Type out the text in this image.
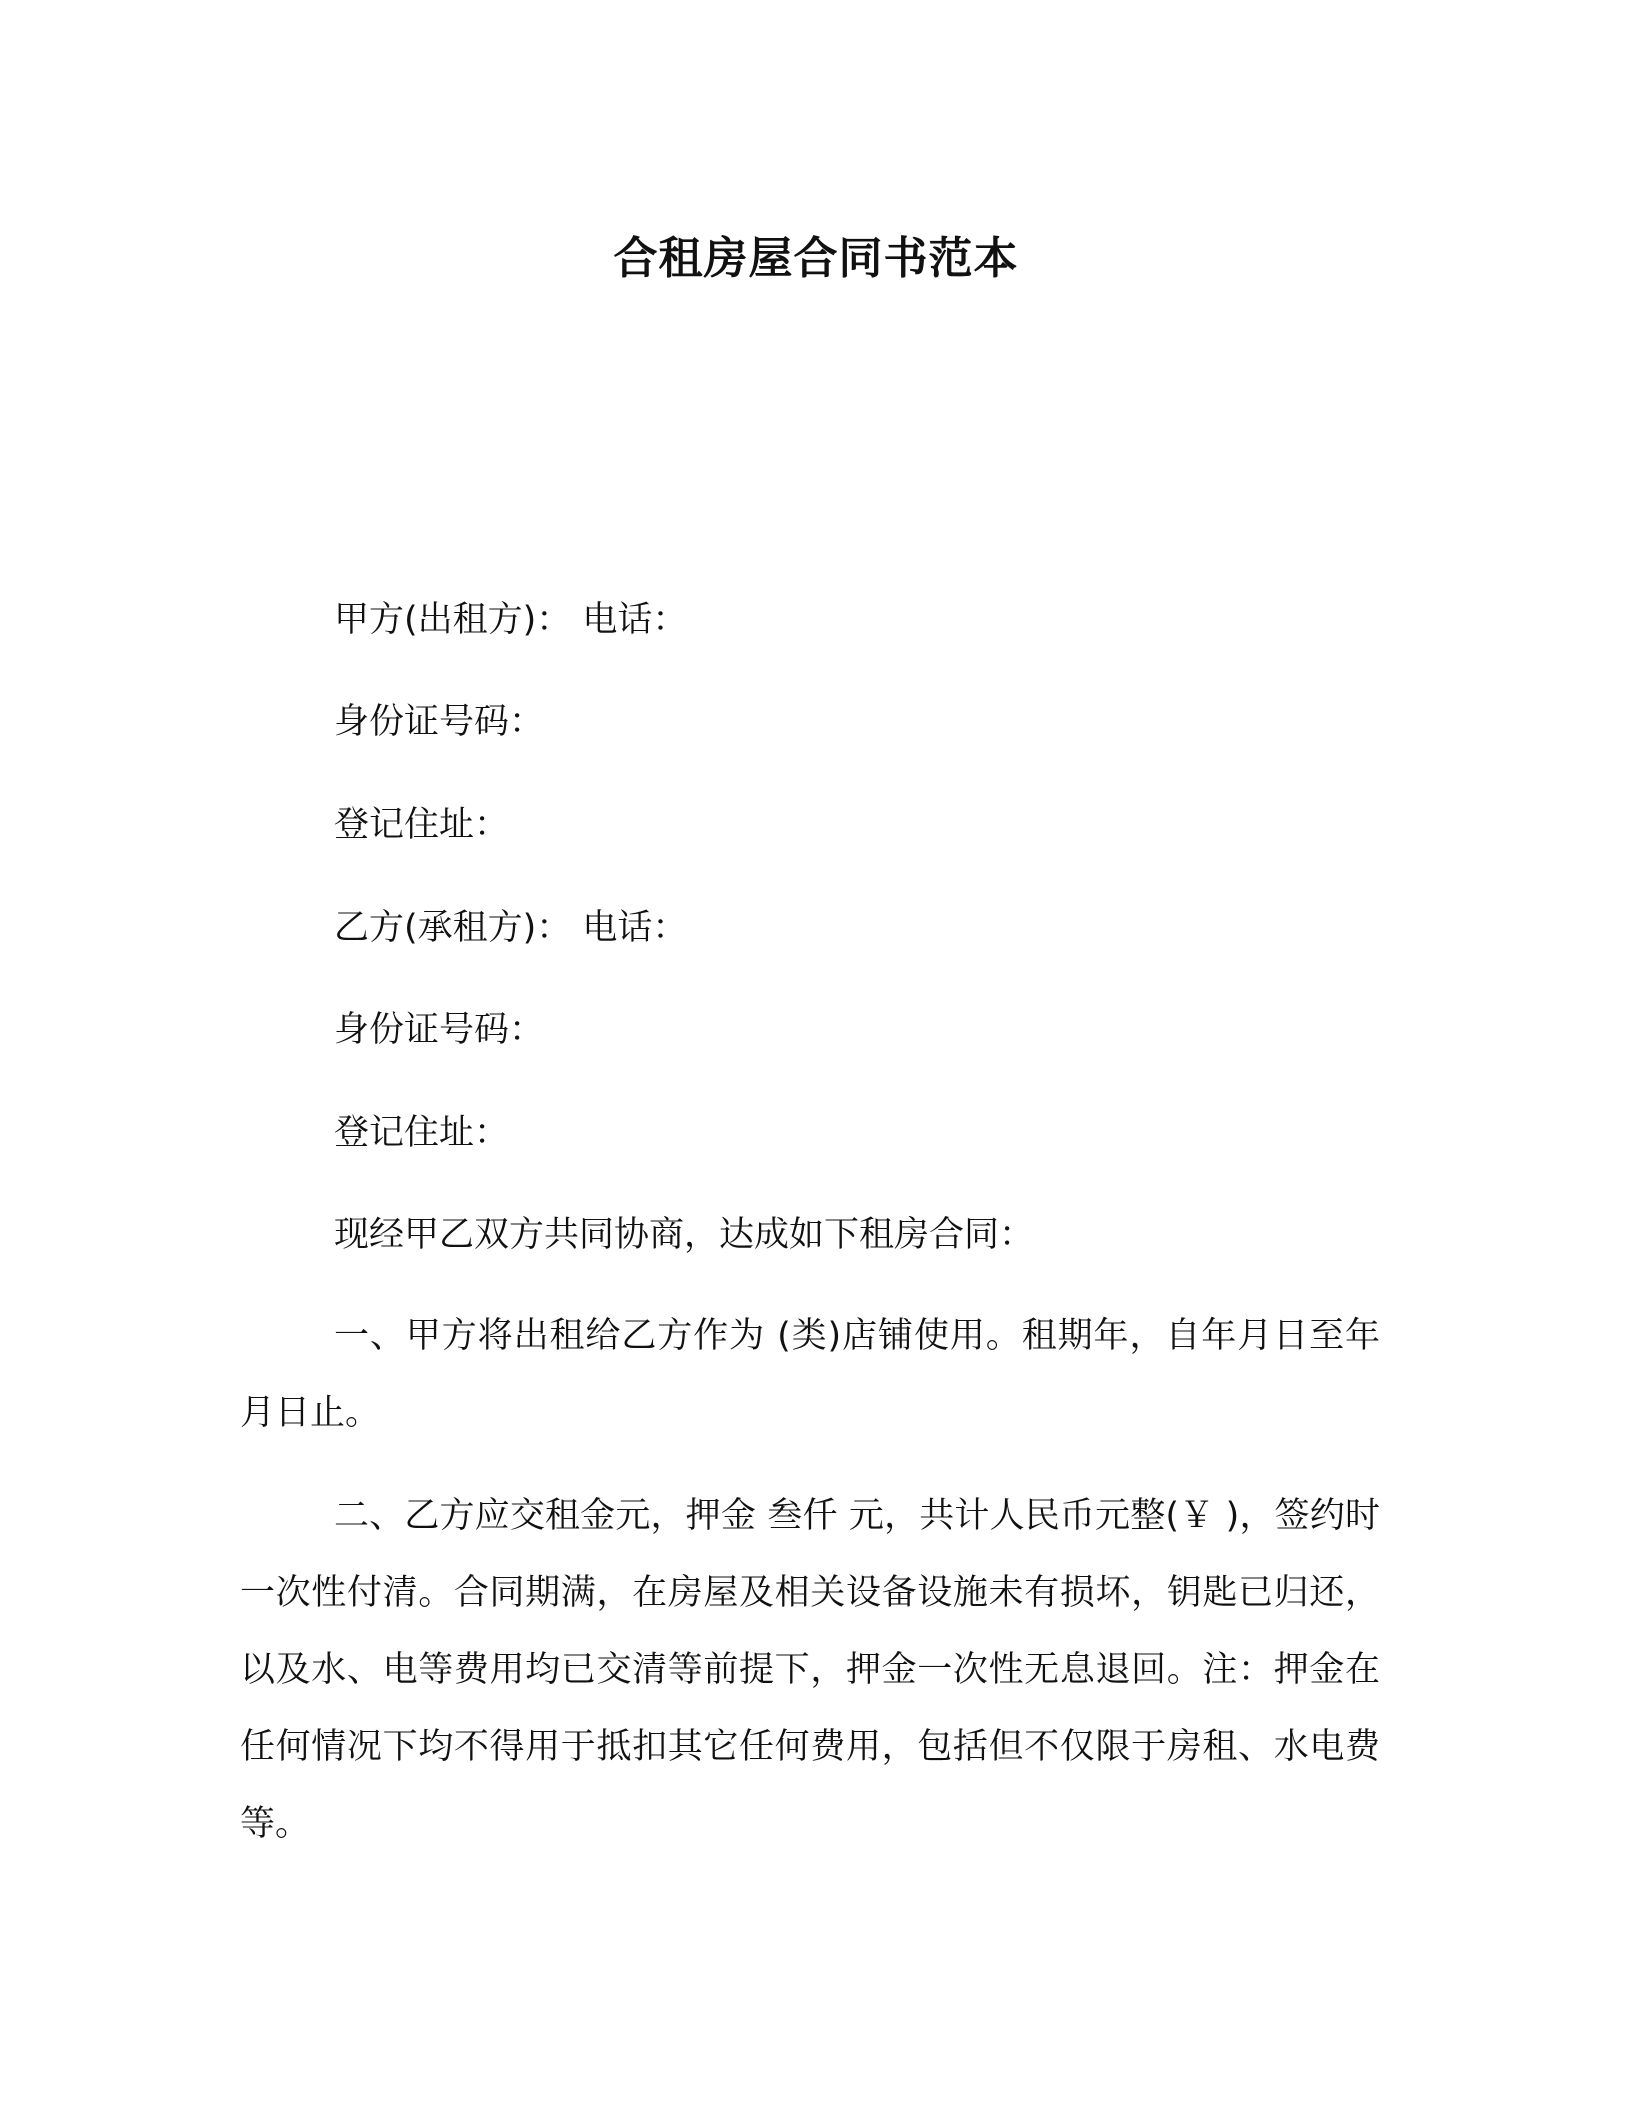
合租房屋合同书范本

甲方(出租方)： 电话：

身份证号码：

登记住址：

乙方(承租方)： 电话：

身份证号码：

登记住址：

现经甲乙双方共同协商，达成如下租房合同：

一、甲方将出租给乙方作为 (类)店铺使用。租期年，自年月日至年月日止。

二、乙方应交租金元，押金 叁仟 元，共计人民币元整(￥ )，签约时一次性付清。合同期满，在房屋及相关设备设施未有损坏，钥匙已归还，以及水、电等费用均已交清等前提下，押金一次性无息退回。注：押金在任何情况下均不得用于抵扣其它任何费用，包括但不仅限于房租、水电费等。
